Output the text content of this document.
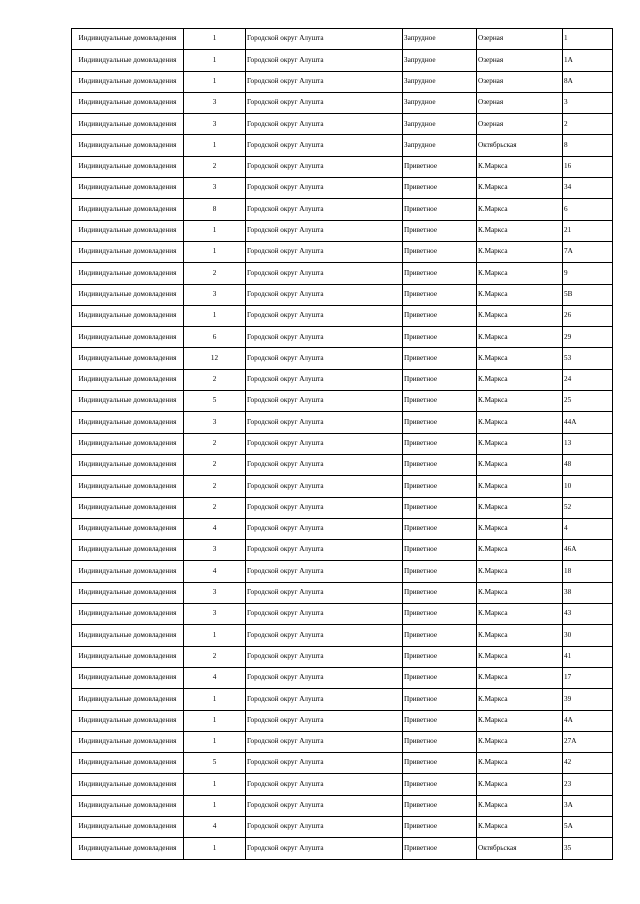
Индивидуальные домовладения	1	Городской округ Алушта	Запрудное	Озерная	1
Индивидуальные домовладения	1	Городской округ Алушта	Запрудное	Озерная	1А
Индивидуальные домовладения	1	Городской округ Алушта	Запрудное	Озерная	8А
Индивидуальные домовладения	3	Городской округ Алушта	Запрудное	Озерная	3
Индивидуальные домовладения	3	Городской округ Алушта	Запрудное	Озерная	2
Индивидуальные домовладения	1	Городской округ Алушта	Запрудное	Октябрьская	8
Индивидуальные домовладения	2	Городской округ Алушта	Приветное	К.Маркса	16
Индивидуальные домовладения	3	Городской округ Алушта	Приветное	К.Маркса	34
Индивидуальные домовладения	8	Городской округ Алушта	Приветное	К.Маркса	6
Индивидуальные домовладения	1	Городской округ Алушта	Приветное	К.Маркса	21
Индивидуальные домовладения	1	Городской округ Алушта	Приветное	К.Маркса	7А
Индивидуальные домовладения	2	Городской округ Алушта	Приветное	К.Маркса	9
Индивидуальные домовладения	3	Городской округ Алушта	Приветное	К.Маркса	5В
Индивидуальные домовладения	1	Городской округ Алушта	Приветное	К.Маркса	26
Индивидуальные домовладения	6	Городской округ Алушта	Приветное	К.Маркса	29
Индивидуальные домовладения	12	Городской округ Алушта	Приветное	К.Маркса	53
Индивидуальные домовладения	2	Городской округ Алушта	Приветное	К.Маркса	24
Индивидуальные домовладения	5	Городской округ Алушта	Приветное	К.Маркса	25
Индивидуальные домовладения	3	Городской округ Алушта	Приветное	К.Маркса	44А
Индивидуальные домовладения	2	Городской округ Алушта	Приветное	К.Маркса	13
Индивидуальные домовладения	2	Городской округ Алушта	Приветное	К.Маркса	48
Индивидуальные домовладения	2	Городской округ Алушта	Приветное	К.Маркса	10
Индивидуальные домовладения	2	Городской округ Алушта	Приветное	К.Маркса	52
Индивидуальные домовладения	4	Городской округ Алушта	Приветное	К.Маркса	4
Индивидуальные домовладения	3	Городской округ Алушта	Приветное	К.Маркса	46А
Индивидуальные домовладения	4	Городской округ Алушта	Приветное	К.Маркса	18
Индивидуальные домовладения	3	Городской округ Алушта	Приветное	К.Маркса	38
Индивидуальные домовладения	3	Городской округ Алушта	Приветное	К.Маркса	43
Индивидуальные домовладения	1	Городской округ Алушта	Приветное	К.Маркса	30
Индивидуальные домовладения	2	Городской округ Алушта	Приветное	К.Маркса	41
Индивидуальные домовладения	4	Городской округ Алушта	Приветное	К.Маркса	17
Индивидуальные домовладения	1	Городской округ Алушта	Приветное	К.Маркса	39
Индивидуальные домовладения	1	Городской округ Алушта	Приветное	К.Маркса	4А
Индивидуальные домовладения	1	Городской округ Алушта	Приветное	К.Маркса	27А
Индивидуальные домовладения	5	Городской округ Алушта	Приветное	К.Маркса	42
Индивидуальные домовладения	1	Городской округ Алушта	Приветное	К.Маркса	23
Индивидуальные домовладения	1	Городской округ Алушта	Приветное	К.Маркса	3А
Индивидуальные домовладения	4	Городской округ Алушта	Приветное	К.Маркса	5А
Индивидуальные домовладения	1	Городской округ Алушта	Приветное	Октябрьская	35
